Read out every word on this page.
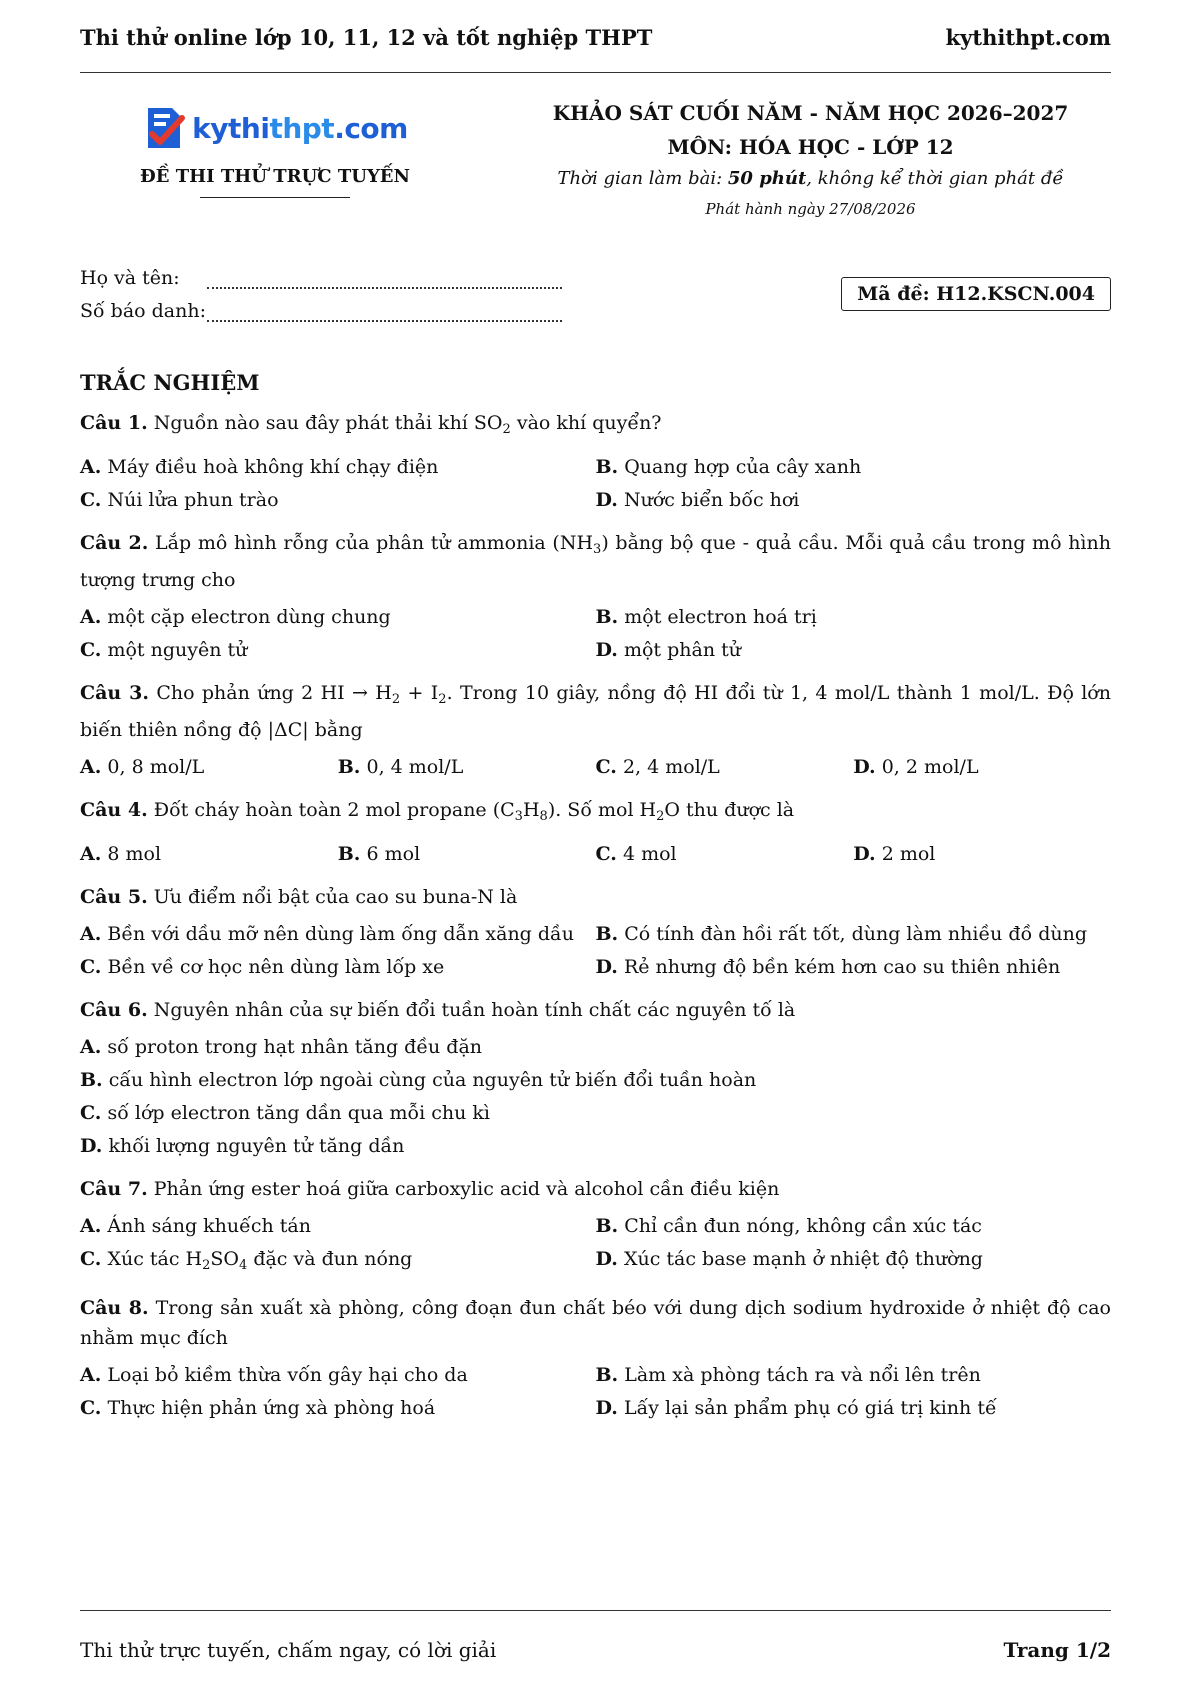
Thi thử online lớp 10, 11, 12 và tốt nghiệp THPT	kythithpt.com
kythithpt.com
ĐỀ THI THỬ TRỰC TUYẾN
KHẢO SÁT CUỐI NĂM - NĂM HỌC 2026–2027
MÔN: HÓA HỌC - LỚP 12
Thời gian làm bài: 50 phút, không kể thời gian phát đề
Phát hành ngày 27/08/2026
Họ và tên:
Số báo danh:
Mã đề: H12.KSCN.004
TRẮC NGHIỆM
Câu 1. Nguồn nào sau đây phát thải khí $SO_2$ vào khí quyển?
A. Máy điều hoà không khí chạy điện	B. Quang hợp của cây xanh
C. Núi lửa phun trào	D. Nước biển bốc hơi
Câu 2. Lắp mô hình rỗng của phân tử ammonia $(NH_3)$ bằng bộ que - quả cầu. Mỗi quả cầu trong mô hình tượng trưng cho
A. một cặp electron dùng chung	B. một electron hoá trị
C. một nguyên tử	D. một phân tử
Câu 3. Cho phản ứng 2 HI → $H_2 + I_2$. Trong 10 giây, nồng độ HI đổi từ 1, 4 mol/L thành 1 mol/L. Độ lớn biến thiên nồng độ |ΔC| bằng
A. 0, 8 mol/L	B. 0, 4 mol/L	C. 2, 4 mol/L	D. 0, 2 mol/L
Câu 4. Đốt cháy hoàn toàn 2 mol propane $(C_3H_8)$. Số mol $H_2O$ thu được là
A. 8 mol	B. 6 mol	C. 4 mol	D. 2 mol
Câu 5. Ưu điểm nổi bật của cao su buna-N là
A. Bền với dầu mỡ nên dùng làm ống dẫn xăng dầu	B. Có tính đàn hồi rất tốt, dùng làm nhiều đồ dùng
C. Bền về cơ học nên dùng làm lốp xe	D. Rẻ nhưng độ bền kém hơn cao su thiên nhiên
Câu 6. Nguyên nhân của sự biến đổi tuần hoàn tính chất các nguyên tố là
A. số proton trong hạt nhân tăng đều đặn
B. cấu hình electron lớp ngoài cùng của nguyên tử biến đổi tuần hoàn
C. số lớp electron tăng dần qua mỗi chu kì
D. khối lượng nguyên tử tăng dần
Câu 7. Phản ứng ester hoá giữa carboxylic acid và alcohol cần điều kiện
A. Ánh sáng khuếch tán	B. Chỉ cần đun nóng, không cần xúc tác
C. Xúc tác $H_2SO_4$ đặc và đun nóng	D. Xúc tác base mạnh ở nhiệt độ thường
Câu 8. Trong sản xuất xà phòng, công đoạn đun chất béo với dung dịch sodium hydroxide ở nhiệt độ cao nhằm mục đích
A. Loại bỏ kiềm thừa vốn gây hại cho da	B. Làm xà phòng tách ra và nổi lên trên
C. Thực hiện phản ứng xà phòng hoá	D. Lấy lại sản phẩm phụ có giá trị kinh tế
Thi thử trực tuyến, chấm ngay, có lời giải	Trang 1/2
